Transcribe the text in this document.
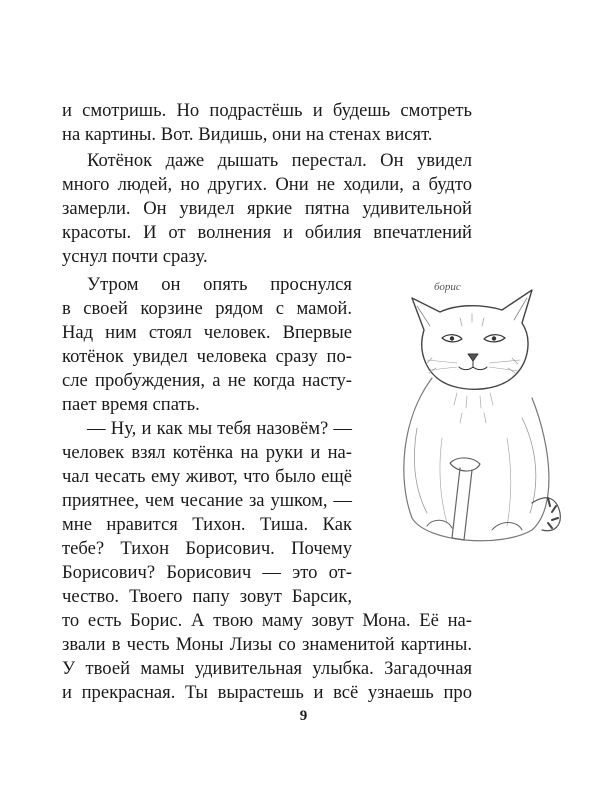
и смотришь. Но подрастёшь и будешь смотреть
на картины. Вот. Видишь, они на стенах висят.
Котёнок даже дышать перестал. Он увидел
много людей, но других. Они не ходили, а будто
замерли. Он увидел яркие пятна удивительной
красоты. И от волнения и обилия впечатлений
уснул почти сразу.
Утром он опять проснулся
в своей корзине рядом с мамой.
Над ним стоял человек. Впервые
котёнок увидел человека сразу по-
сле пробуждения, а не когда насту-
пает время спать.
— Ну, и как мы тебя назовём? —
человек взял котёнка на руки и на-
чал чесать ему живот, что было ещё
приятнее, чем чесание за ушком, —
мне нравится Тихон. Тиша. Как
тебе? Тихон Борисович. Почему
Борисович? Борисович — это от-
чество. Твоего папу зовут Барсик,
то есть Борис. А твою маму зовут Мона. Её на-
звали в честь Моны Лизы со знаменитой картины.
У твоей мамы удивительная улыбка. Загадочная
и прекрасная. Ты вырастешь и всё узнаешь про
борис
9
